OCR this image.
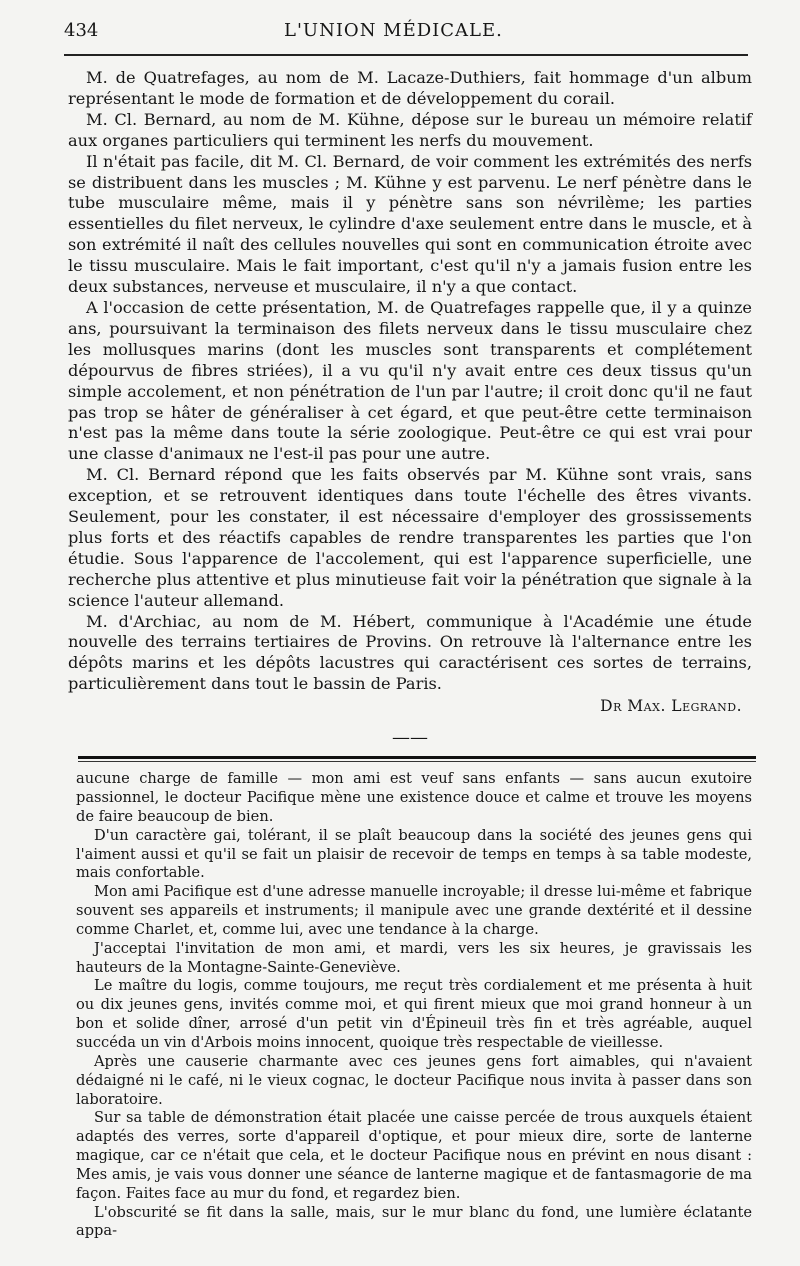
434	L'UNION MÉDICALE.

M. de Quatrefages, au nom de M. Lacaze-Duthiers, fait hommage d'un album représentant le mode de formation et de développement du corail.

M. Cl. Bernard, au nom de M. Kühne, dépose sur le bureau un mémoire relatif aux organes particuliers qui terminent les nerfs du mouvement.

Il n'était pas facile, dit M. Cl. Bernard, de voir comment les extrémités des nerfs se distribuent dans les muscles ; M. Kühne y est parvenu. Le nerf pénètre dans le tube musculaire même, mais il y pénètre sans son névrilème; les parties essentielles du filet nerveux, le cylindre d'axe seulement entre dans le muscle, et à son extrémité il naît des cellules nouvelles qui sont en communication étroite avec le tissu musculaire. Mais le fait important, c'est qu'il n'y a jamais fusion entre les deux substances, nerveuse et musculaire, il n'y a que contact.

A l'occasion de cette présentation, M. de Quatrefages rappelle que, il y a quinze ans, poursuivant la terminaison des filets nerveux dans le tissu musculaire chez les mollusques marins (dont les muscles sont transparents et complétement dépourvus de fibres striées), il a vu qu'il n'y avait entre ces deux tissus qu'un simple accolement, et non pénétration de l'un par l'autre; il croit donc qu'il ne faut pas trop se hâter de généraliser à cet égard, et que peut-être cette terminaison n'est pas la même dans toute la série zoologique. Peut-être ce qui est vrai pour une classe d'animaux ne l'est-il pas pour une autre.

M. Cl. Bernard répond que les faits observés par M. Kühne sont vrais, sans exception, et se retrouvent identiques dans toute l'échelle des êtres vivants. Seulement, pour les constater, il est nécessaire d'employer des grossissements plus forts et des réactifs capables de rendre transparentes les parties que l'on étudie. Sous l'apparence de l'accolement, qui est l'apparence superficielle, une recherche plus attentive et plus minutieuse fait voir la pénétration que signale à la science l'auteur allemand.

M. d'Archiac, au nom de M. Hébert, communique à l'Académie une étude nouvelle des terrains tertiaires de Provins. On retrouve là l'alternance entre les dépôts marins et les dépôts lacustres qui caractérisent ces sortes de terrains, particulièrement dans tout le bassin de Paris.

Dr Max. Legrand.
——

aucune charge de famille — mon ami est veuf sans enfants — sans aucun exutoire passionnel, le docteur Pacifique mène une existence douce et calme et trouve les moyens de faire beaucoup de bien.

D'un caractère gai, tolérant, il se plaît beaucoup dans la société des jeunes gens qui l'aiment aussi et qu'il se fait un plaisir de recevoir de temps en temps à sa table modeste, mais confortable.

Mon ami Pacifique est d'une adresse manuelle incroyable; il dresse lui-même et fabrique souvent ses appareils et instruments; il manipule avec une grande dextérité et il dessine comme Charlet, et, comme lui, avec une tendance à la charge.

J'acceptai l'invitation de mon ami, et mardi, vers les six heures, je gravissais les hauteurs de la Montagne-Sainte-Geneviève.

Le maître du logis, comme toujours, me reçut très cordialement et me présenta à huit ou dix jeunes gens, invités comme moi, et qui firent mieux que moi grand honneur à un bon et solide dîner, arrosé d'un petit vin d'Épineuil très fin et très agréable, auquel succéda un vin d'Arbois moins innocent, quoique très respectable de vieillesse.

Après une causerie charmante avec ces jeunes gens fort aimables, qui n'avaient dédaigné ni le café, ni le vieux cognac, le docteur Pacifique nous invita à passer dans son laboratoire.

Sur sa table de démonstration était placée une caisse percée de trous auxquels étaient adaptés des verres, sorte d'appareil d'optique, et pour mieux dire, sorte de lanterne magique, car ce n'était que cela, et le docteur Pacifique nous en prévint en nous disant : Mes amis, je vais vous donner une séance de lanterne magique et de fantasmagorie de ma façon. Faites face au mur du fond, et regardez bien.

L'obscurité se fit dans la salle, mais, sur le mur blanc du fond, une lumière éclatante appa-
